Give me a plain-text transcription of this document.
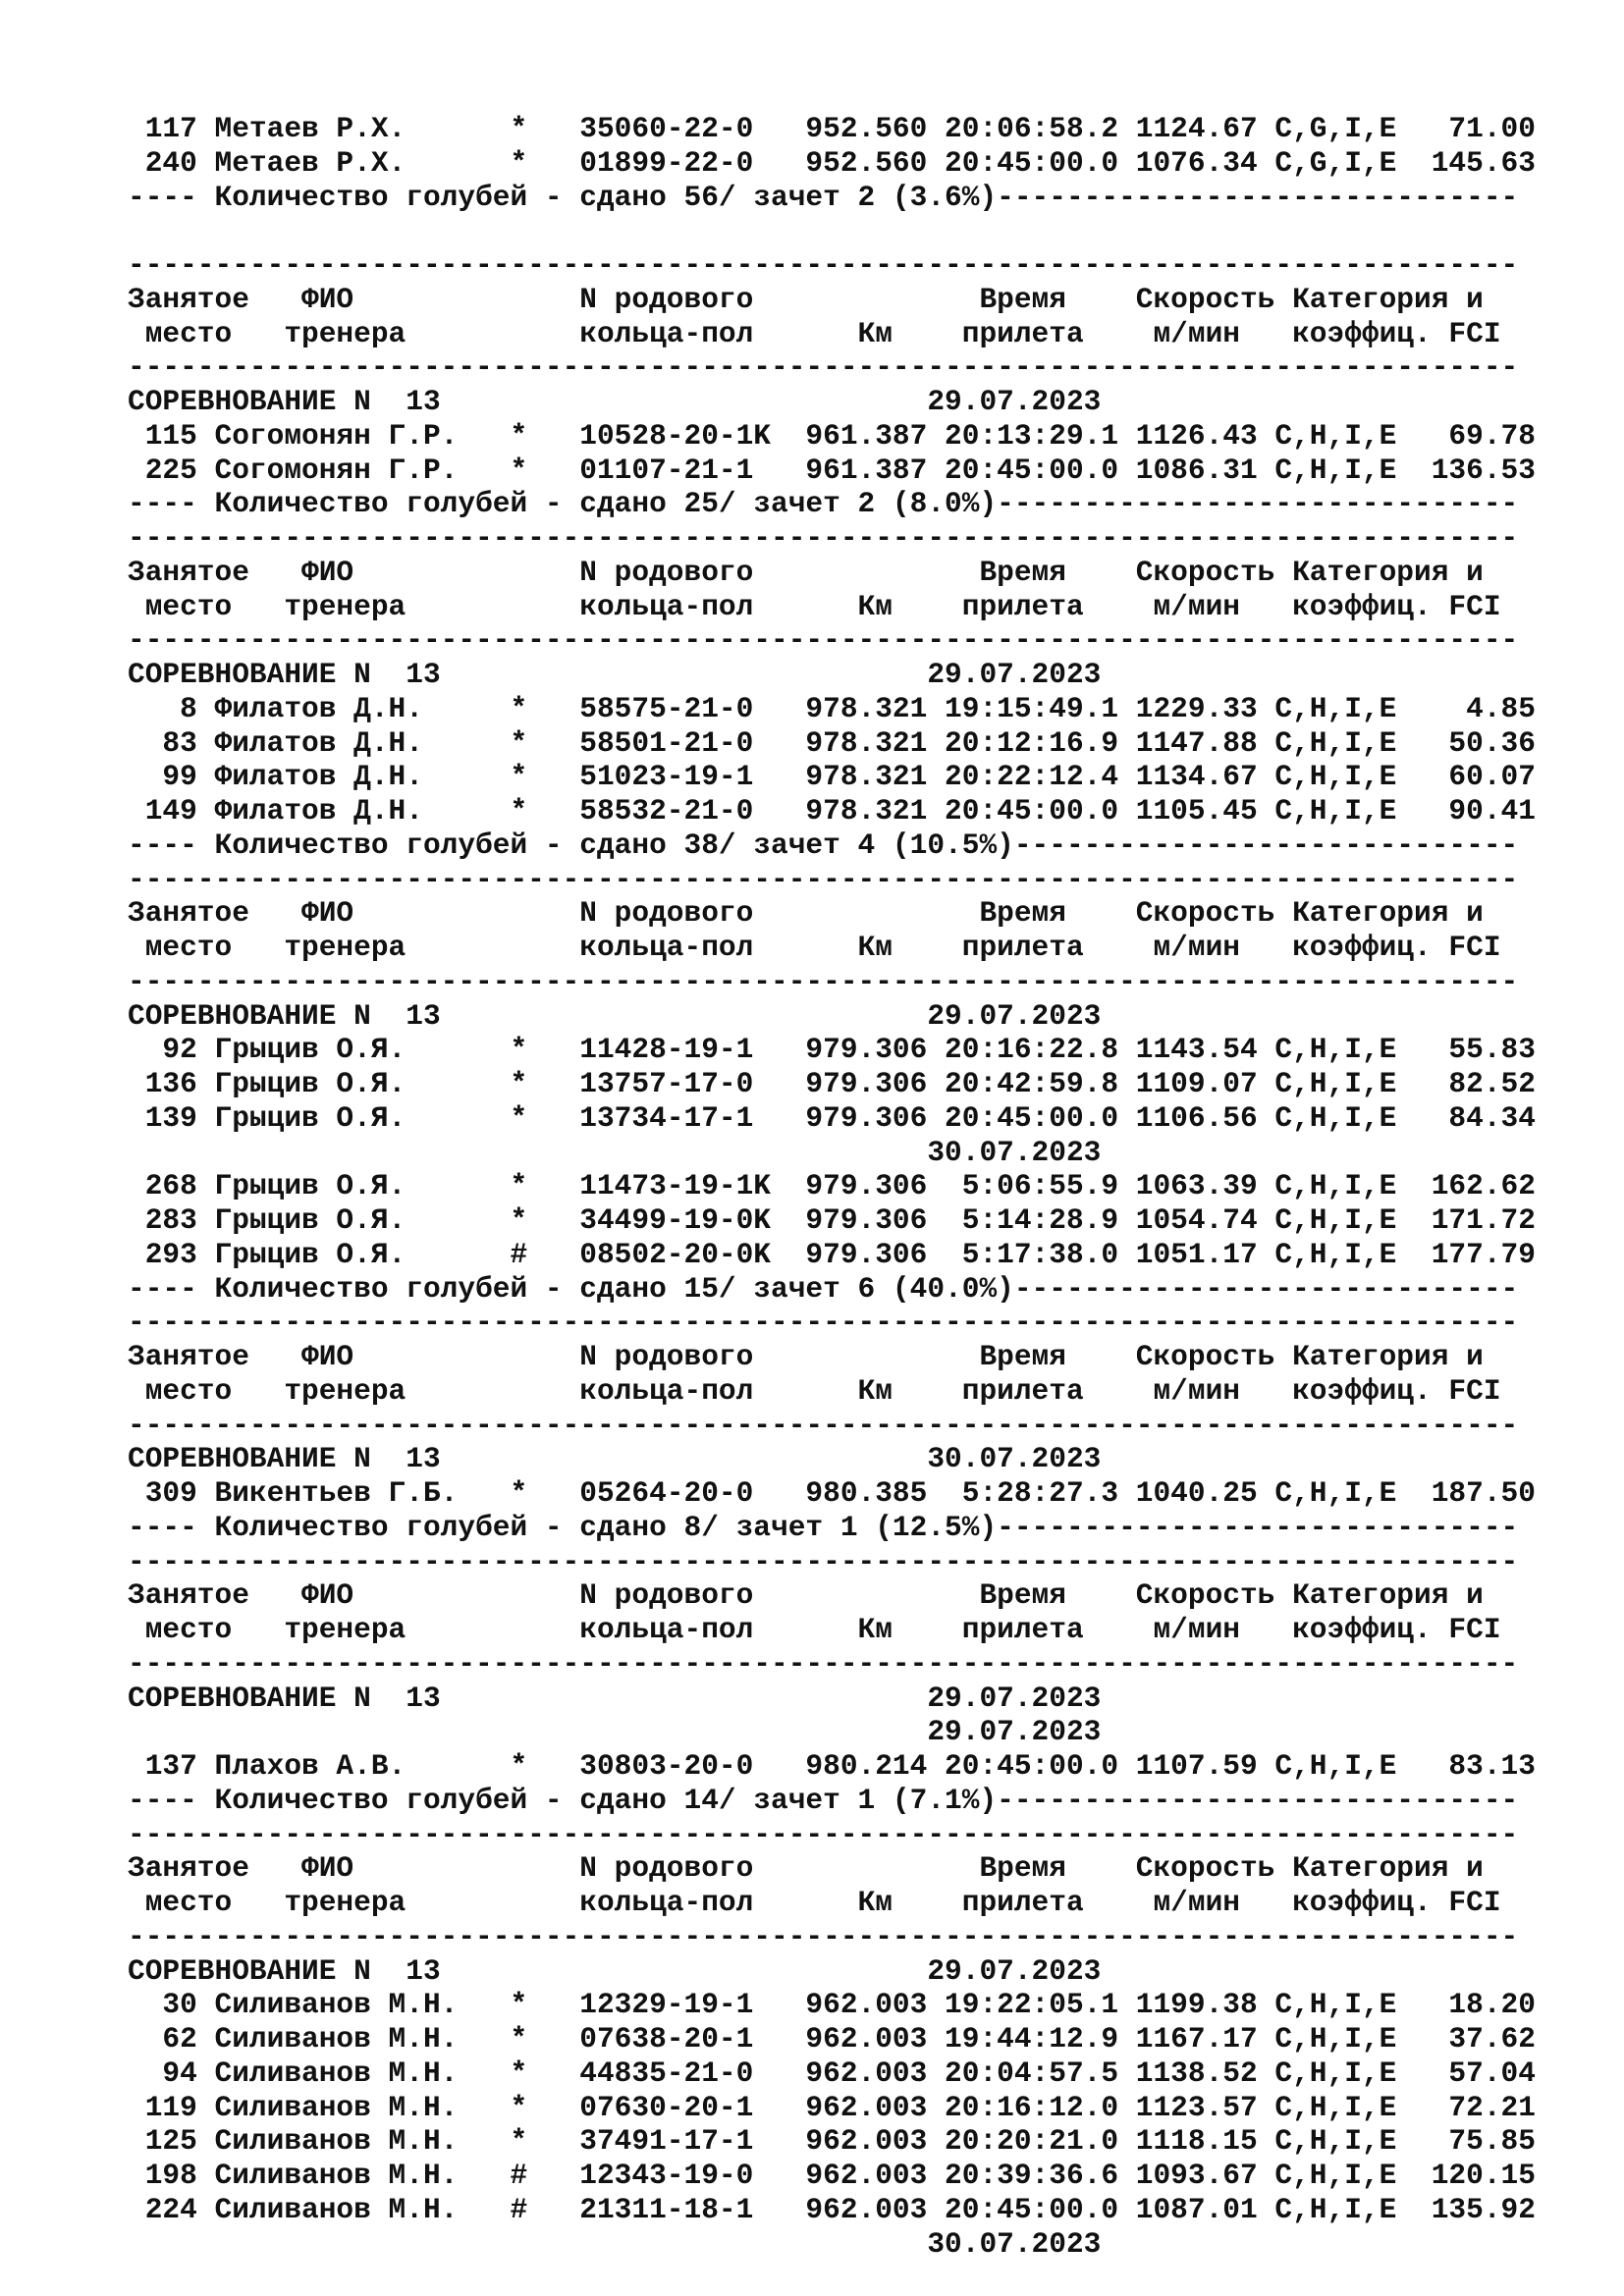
117 Метаев Р.Х.      *   35060-22-0   952.560 20:06:58.2 1124.67 C,G,I,E   71.00
240 Метаев Р.Х.      *   01899-22-0   952.560 20:45:00.0 1076.34 C,G,I,E  145.63
---- Количество голубей - сдано 56/ зачет 2 (3.6%)------------------------------
--------------------------------------------------------------------------------
Занятое   ФИО             N родового             Время    Скорость Категория и
место   тренера          кольца-пол      Км    прилета    м/мин   коэффиц. FCI
--------------------------------------------------------------------------------
СОРЕВНОВАНИЕ N  13                            29.07.2023
115 Согомонян Г.Р.   *   10528-20-1K  961.387 20:13:29.1 1126.43 C,H,I,E   69.78
225 Согомонян Г.Р.   *   01107-21-1   961.387 20:45:00.0 1086.31 C,H,I,E  136.53
---- Количество голубей - сдано 25/ зачет 2 (8.0%)------------------------------
--------------------------------------------------------------------------------
Занятое   ФИО             N родового             Время    Скорость Категория и
место   тренера          кольца-пол      Км    прилета    м/мин   коэффиц. FCI
--------------------------------------------------------------------------------
СОРЕВНОВАНИЕ N  13                            29.07.2023
8 Филатов Д.Н.     *   58575-21-0   978.321 19:15:49.1 1229.33 C,H,I,E    4.85
83 Филатов Д.Н.     *   58501-21-0   978.321 20:12:16.9 1147.88 C,H,I,E   50.36
99 Филатов Д.Н.     *   51023-19-1   978.321 20:22:12.4 1134.67 C,H,I,E   60.07
149 Филатов Д.Н.     *   58532-21-0   978.321 20:45:00.0 1105.45 C,H,I,E   90.41
---- Количество голубей - сдано 38/ зачет 4 (10.5%)-----------------------------
--------------------------------------------------------------------------------
Занятое   ФИО             N родового             Время    Скорость Категория и
место   тренера          кольца-пол      Км    прилета    м/мин   коэффиц. FCI
--------------------------------------------------------------------------------
СОРЕВНОВАНИЕ N  13                            29.07.2023
92 Грыцив О.Я.      *   11428-19-1   979.306 20:16:22.8 1143.54 C,H,I,E   55.83
136 Грыцив О.Я.      *   13757-17-0   979.306 20:42:59.8 1109.07 C,H,I,E   82.52
139 Грыцив О.Я.      *   13734-17-1   979.306 20:45:00.0 1106.56 C,H,I,E   84.34
30.07.2023
268 Грыцив О.Я.      *   11473-19-1K  979.306  5:06:55.9 1063.39 C,H,I,E  162.62
283 Грыцив О.Я.      *   34499-19-0K  979.306  5:14:28.9 1054.74 C,H,I,E  171.72
293 Грыцив О.Я.      #   08502-20-0K  979.306  5:17:38.0 1051.17 C,H,I,E  177.79
---- Количество голубей - сдано 15/ зачет 6 (40.0%)-----------------------------
--------------------------------------------------------------------------------
Занятое   ФИО             N родового             Время    Скорость Категория и
место   тренера          кольца-пол      Км    прилета    м/мин   коэффиц. FCI
--------------------------------------------------------------------------------
СОРЕВНОВАНИЕ N  13                            30.07.2023
309 Викентьев Г.Б.   *   05264-20-0   980.385  5:28:27.3 1040.25 C,H,I,E  187.50
---- Количество голубей - сдано 8/ зачет 1 (12.5%)------------------------------
--------------------------------------------------------------------------------
Занятое   ФИО             N родового             Время    Скорость Категория и
место   тренера          кольца-пол      Км    прилета    м/мин   коэффиц. FCI
--------------------------------------------------------------------------------
СОРЕВНОВАНИЕ N  13                            29.07.2023
29.07.2023
137 Плахов А.В.      *   30803-20-0   980.214 20:45:00.0 1107.59 C,H,I,E   83.13
---- Количество голубей - сдано 14/ зачет 1 (7.1%)------------------------------
--------------------------------------------------------------------------------
Занятое   ФИО             N родового             Время    Скорость Категория и
место   тренера          кольца-пол      Км    прилета    м/мин   коэффиц. FCI
--------------------------------------------------------------------------------
СОРЕВНОВАНИЕ N  13                            29.07.2023
30 Силиванов М.Н.   *   12329-19-1   962.003 19:22:05.1 1199.38 C,H,I,E   18.20
62 Силиванов М.Н.   *   07638-20-1   962.003 19:44:12.9 1167.17 C,H,I,E   37.62
94 Силиванов М.Н.   *   44835-21-0   962.003 20:04:57.5 1138.52 C,H,I,E   57.04
119 Силиванов М.Н.   *   07630-20-1   962.003 20:16:12.0 1123.57 C,H,I,E   72.21
125 Силиванов М.Н.   *   37491-17-1   962.003 20:20:21.0 1118.15 C,H,I,E   75.85
198 Силиванов М.Н.   #   12343-19-0   962.003 20:39:36.6 1093.67 C,H,I,E  120.15
224 Силиванов М.Н.   #   21311-18-1   962.003 20:45:00.0 1087.01 C,H,I,E  135.92
30.07.2023
